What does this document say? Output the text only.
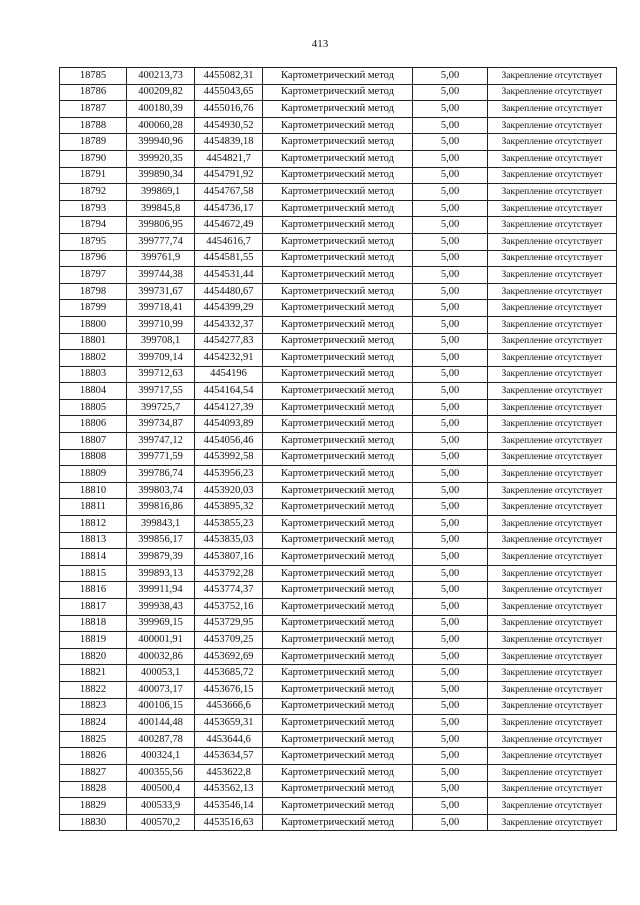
413
18785	400213,73	4455082,31	Картометрический метод	5,00	Закрепление отсутствует
18786	400209,82	4455043,65	Картометрический метод	5,00	Закрепление отсутствует
18787	400180,39	4455016,76	Картометрический метод	5,00	Закрепление отсутствует
18788	400060,28	4454930,52	Картометрический метод	5,00	Закрепление отсутствует
18789	399940,96	4454839,18	Картометрический метод	5,00	Закрепление отсутствует
18790	399920,35	4454821,7	Картометрический метод	5,00	Закрепление отсутствует
18791	399890,34	4454791,92	Картометрический метод	5,00	Закрепление отсутствует
18792	399869,1	4454767,58	Картометрический метод	5,00	Закрепление отсутствует
18793	399845,8	4454736,17	Картометрический метод	5,00	Закрепление отсутствует
18794	399806,95	4454672,49	Картометрический метод	5,00	Закрепление отсутствует
18795	399777,74	4454616,7	Картометрический метод	5,00	Закрепление отсутствует
18796	399761,9	4454581,55	Картометрический метод	5,00	Закрепление отсутствует
18797	399744,38	4454531,44	Картометрический метод	5,00	Закрепление отсутствует
18798	399731,67	4454480,67	Картометрический метод	5,00	Закрепление отсутствует
18799	399718,41	4454399,29	Картометрический метод	5,00	Закрепление отсутствует
18800	399710,99	4454332,37	Картометрический метод	5,00	Закрепление отсутствует
18801	399708,1	4454277,83	Картометрический метод	5,00	Закрепление отсутствует
18802	399709,14	4454232,91	Картометрический метод	5,00	Закрепление отсутствует
18803	399712,63	4454196	Картометрический метод	5,00	Закрепление отсутствует
18804	399717,55	4454164,54	Картометрический метод	5,00	Закрепление отсутствует
18805	399725,7	4454127,39	Картометрический метод	5,00	Закрепление отсутствует
18806	399734,87	4454093,89	Картометрический метод	5,00	Закрепление отсутствует
18807	399747,12	4454056,46	Картометрический метод	5,00	Закрепление отсутствует
18808	399771,59	4453992,58	Картометрический метод	5,00	Закрепление отсутствует
18809	399786,74	4453956,23	Картометрический метод	5,00	Закрепление отсутствует
18810	399803,74	4453920,03	Картометрический метод	5,00	Закрепление отсутствует
18811	399816,86	4453895,32	Картометрический метод	5,00	Закрепление отсутствует
18812	399843,1	4453855,23	Картометрический метод	5,00	Закрепление отсутствует
18813	399856,17	4453835,03	Картометрический метод	5,00	Закрепление отсутствует
18814	399879,39	4453807,16	Картометрический метод	5,00	Закрепление отсутствует
18815	399893,13	4453792,28	Картометрический метод	5,00	Закрепление отсутствует
18816	399911,94	4453774,37	Картометрический метод	5,00	Закрепление отсутствует
18817	399938,43	4453752,16	Картометрический метод	5,00	Закрепление отсутствует
18818	399969,15	4453729,95	Картометрический метод	5,00	Закрепление отсутствует
18819	400001,91	4453709,25	Картометрический метод	5,00	Закрепление отсутствует
18820	400032,86	4453692,69	Картометрический метод	5,00	Закрепление отсутствует
18821	400053,1	4453685,72	Картометрический метод	5,00	Закрепление отсутствует
18822	400073,17	4453676,15	Картометрический метод	5,00	Закрепление отсутствует
18823	400106,15	4453666,6	Картометрический метод	5,00	Закрепление отсутствует
18824	400144,48	4453659,31	Картометрический метод	5,00	Закрепление отсутствует
18825	400287,78	4453644,6	Картометрический метод	5,00	Закрепление отсутствует
18826	400324,1	4453634,57	Картометрический метод	5,00	Закрепление отсутствует
18827	400355,56	4453622,8	Картометрический метод	5,00	Закрепление отсутствует
18828	400500,4	4453562,13	Картометрический метод	5,00	Закрепление отсутствует
18829	400533,9	4453546,14	Картометрический метод	5,00	Закрепление отсутствует
18830	400570,2	4453516,63	Картометрический метод	5,00	Закрепление отсутствует
